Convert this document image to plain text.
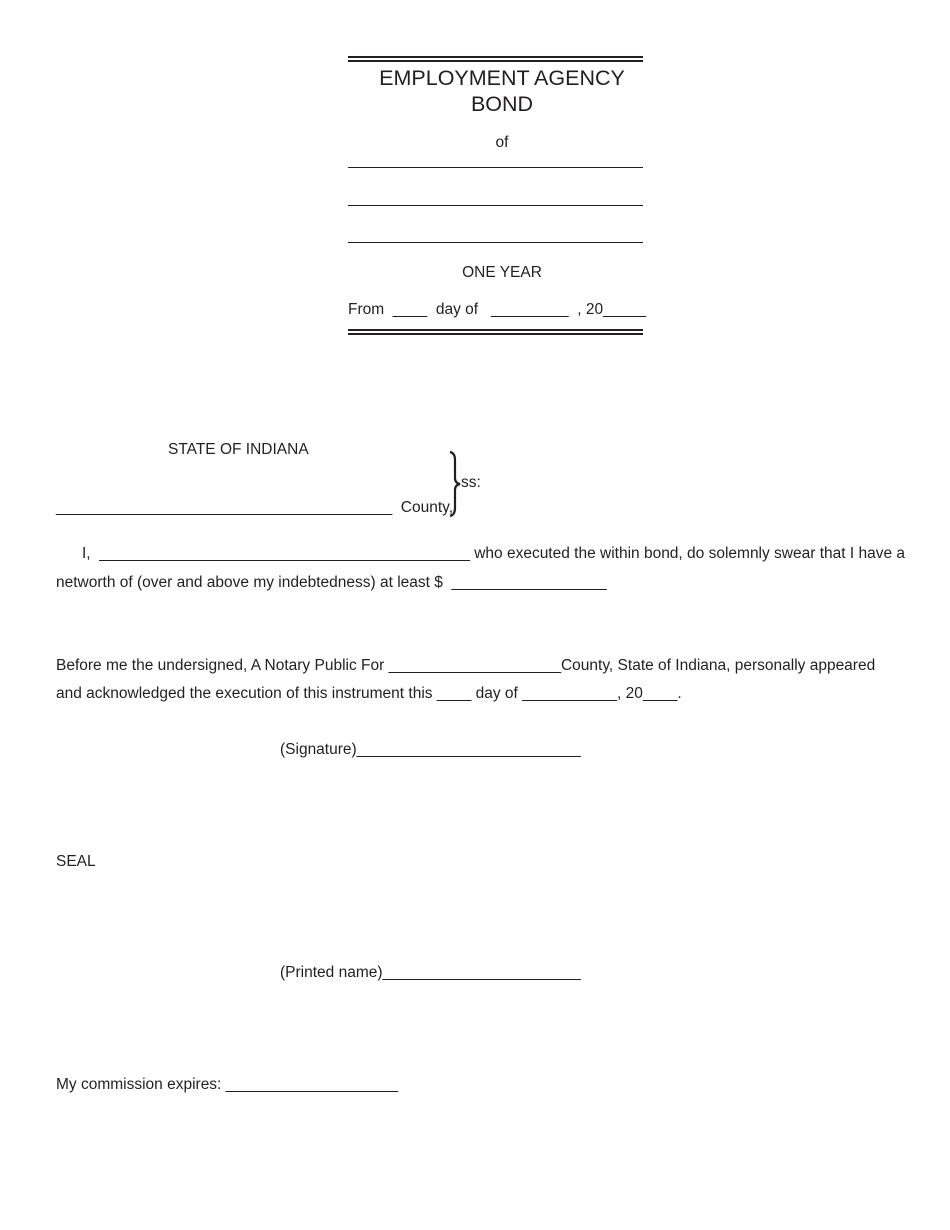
EMPLOYMENT AGENCY
BOND
of
ONE YEAR
From  ____  day of   _________  , 20_____
STATE OF INDIANA
ss:
_______________________________________  County,
I,  ___________________________________________ who executed the within bond, do solemnly swear that I have a
networth of (over and above my indebtedness) at least $  __________________
Before me the undersigned, A Notary Public For ____________________County, State of Indiana, personally appeared
and acknowledged the execution of this instrument this ____ day of ___________, 20____.
(Signature)__________________________
SEAL
(Printed name)_______________________
My commission expires: ____________________
